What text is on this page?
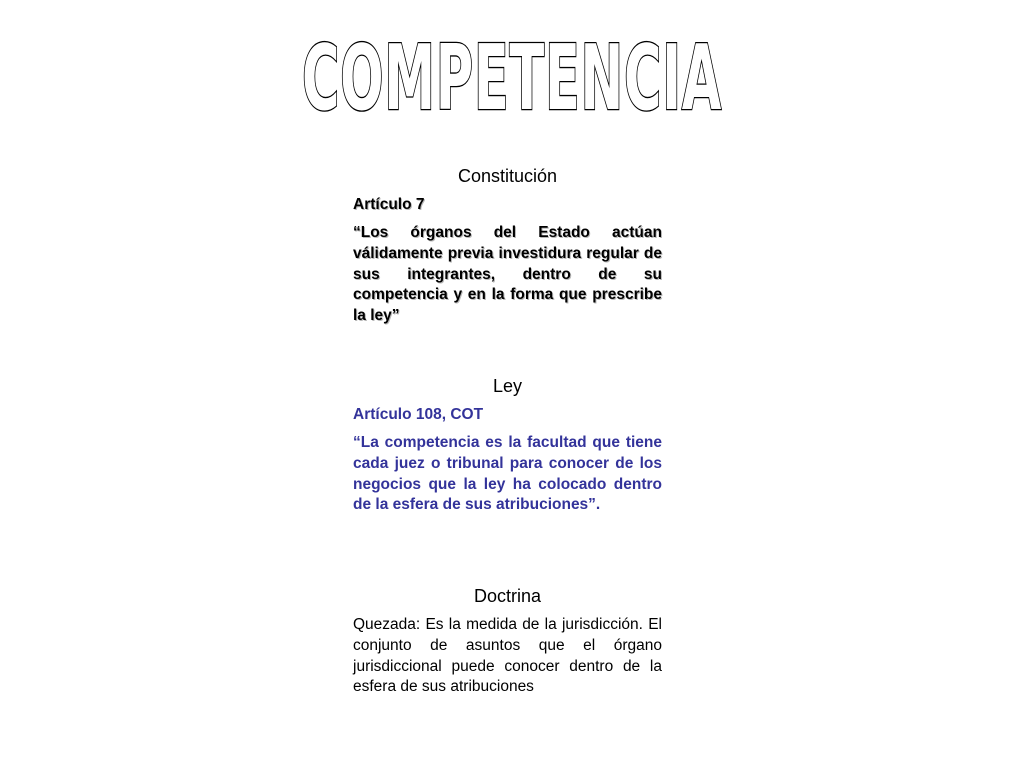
COMPETENCIA

Constitución

Artículo 7

“Los órganos del Estado actúan válidamente previa investidura regular de sus integrantes, dentro de su competencia y en la forma que prescribe la ley”

Ley

Artículo 108, COT

“La competencia es la facultad que tiene cada juez o tribunal para conocer de los negocios que la ley ha colocado dentro de la esfera de sus atribuciones”.

Doctrina

Quezada: Es la medida de la jurisdicción. El conjunto de asuntos que el órgano jurisdiccional puede conocer dentro de la esfera de sus atribuciones
